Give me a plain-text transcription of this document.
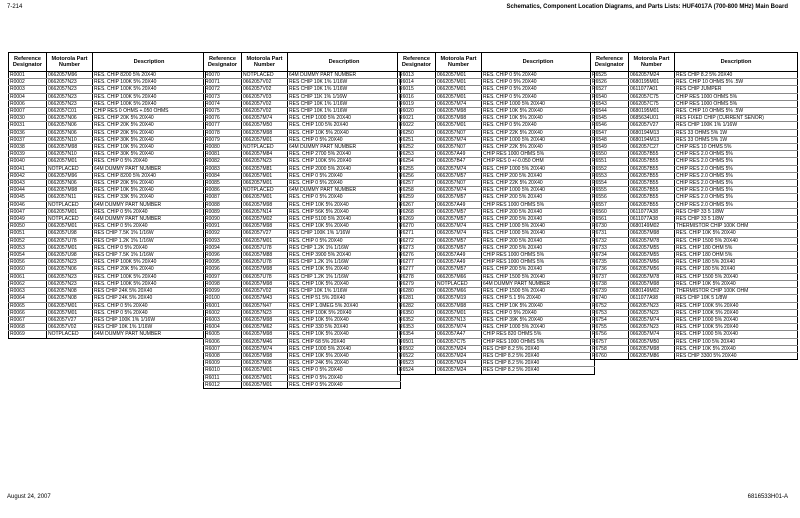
7-214	Schematics, Component Location Diagrams, and Parts Lists: HUF4017A (700-800 MHz) Main Board
Reference Designator	Motorola Part Number	Description
R0001	0662057M96	RES. CHIP 8200 5% 20X40
R0002	0662057N23	RES. CHIP 100K 5% 20X40
R0003	0662057N23	RES. CHIP 100K 5% 20X40
R0004	0662057N23	RES. CHIP 100K 5% 20X40
R0006	0662057N23	RES. CHIP 100K 5% 20X40
R0007	0662057C01	CHIP RES 0 OHMS +.050 OHMS
R0030	0662057N06	RES. CHIP 20K 5% 20X40
R0031	0662057N06	RES. CHIP 20K 5% 20X40
R0036	0662057N06	RES. CHIP 20K 5% 20X40
R0037	0662057N10	RES. CHIP 30K 5% 20X40
R0038	0662057M98	RES. CHIP 10K 5% 20X40
R0039	0662057N10	RES. CHIP 30K 5% 20X40
R0040	0662057M01	RES. CHIP 0 5% 20X40
R0041	NOTPLACED	64M DUMMY PART NUMBER
R0042	0662057M96	RES. CHIP 8200 5% 20X40
R0043	0662057N06	RES. CHIP 20K 5% 20X40
R0044	0662057M98	RES. CHIP 10K 5% 20X40
R0045	0662057N11	RES. CHIP 33K 5% 20X40
R0046	NOTPLACED	64M DUMMY PART NUMBER
R0047	0662057M01	RES. CHIP 0 5% 20X40
R0049	NOTPLACED	64M DUMMY PART NUMBER
R0050	0662057M01	RES. CHIP 0 5% 20X40
R0051	0662057U98	RES CHIP 7.5K 1% 1/16W
R0052	0662057U78	RES CHIP 1.2K 1% 1/16W
R0053	0662057M01	RES. CHIP 0 5% 20X40
R0054	0662057U98	RES CHIP 7.5K 1% 1/16W
R0056	0662057N23	RES. CHIP 100K 5% 20X40
R0060	0662057N06	RES. CHIP 20K 5% 20X40
R0061	0662057N23	RES. CHIP 100K 5% 20X40
R0062	0662057N23	RES. CHIP 100K 5% 20X40
R0063	0662057N08	RES CHIP 24K 5% 20X40
R0064	0662057N08	RES CHIP 24K 5% 20X40
R0065	0662057M01	RES. CHIP 0 5% 20X40
R0066	0662057M01	RES. CHIP 0 5% 20X40
R0067	0662057V27	RES CHIP 100K 1% 1/16W
R0068	0662057V02	RES CHIP 10K 1% 1/16W
R0069	NOTPLACED	64M DUMMY PART NUMBER
Reference Designator	Motorola Part Number	Description
R0070	NOTPLACED	64M DUMMY PART NUMBER
R0071	0662057V02	RES CHIP 10K 1% 1/16W
R0072	0662057V02	RES CHIP 10K 1% 1/16W
R0073	0662057V03	RES CHIP 11K 1% 1/16W
R0074	0662057V02	RES CHIP 10K 1% 1/16W
R0075	0662057V02	RES CHIP 10K 1% 1/16W
R0076	0662057M74	RES. CHIP 1000 5% 20X40
R0077	0662057M50	RES. CHIP 100 5% 20X40
R0078	0662057M98	RES. CHIP 10K 5% 20X40
R0079	0662057M01	RES. CHIP 0 5% 20X40
R0080	NOTPLACED	64M DUMMY PART NUMBER
R0081	0662057M84	RES. CHIP 2700 5% 20X40
R0082	0662057N23	RES. CHIP 100K 5% 20X40
R0083	0662057M81	RES. CHIP 2000 5% 20X40
R0084	0662057M01	RES. CHIP 0 5% 20X40
R0085	0662057M01	RES. CHIP 0 5% 20X40
R0086	NOTPLACED	64M DUMMY PART NUMBER
R0087	0662057M01	RES. CHIP 0 5% 20X40
R0088	0662057M98	RES. CHIP 10K 5% 20X40
R0089	0662057N14	RES. CHIP 56K 5% 20X40
R0090	0662057M02	RES. CHIP 5100 5% 20X40
R0091	0662057M98	RES. CHIP 10K 5% 20X40
R0092	0662057V27	RES CHIP 100K 1% 1/16W
R0093	0662057M01	RES. CHIP 0 5% 20X40
R0094	0662057U78	RES CHIP 1.2K 1% 1/16W
R0096	0662057M88	RES. CHIP 3900 5% 20X40
R0095	0662057U78	RES CHIP 1.2K 1% 1/16W
R0096	0662057M98	RES. CHIP 10K 5% 20X40
R0097	0662057U78	RES CHIP 1.2K 1% 1/16W
R0098	0662057M98	RES. CHIP 10K 5% 20X40
R0099	0662057V02	RES CHIP 10K 1% 1/16W
R0100	0662057M43	RES. CHIP 51 5% 20X40
R6001	0662057N47	RES. CHIP 1.0MEG 5% 20X40
R6002	0662057N23	RES. CHIP 100K 5% 20X40
R6003	0662057M98	RES. CHIP 10K 5% 20X40
R6004	0662057M62	RES. CHIP 330 5% 20X40
R6005	0662057M98	RES. CHIP 10K 5% 20X40
R6006	0662057M46	RES. CHIP 68 5% 20X40
R6007	0662057M74	RES. CHIP 1000 5% 20X40
R6008	0662057M98	RES. CHIP 10K 5% 20X40
R6009	0662057N08	RES. CHIP 24K 5% 20X40
R6010	0662057M01	RES. CHIP 0 5% 20X40
R6011	0662057M01	RES. CHIP 0 5% 20X40
R6012	0662057M01	RES. CHIP 0 5% 20X40
Reference Designator	Motorola Part Number	Description
R6013	0662057M01	RES. CHIP 0 5% 20X40
R6014	0662057M01	RES. CHIP 0 5% 20X40
R6015	0662057M01	RES. CHIP 0 5% 20X40
R6016	0662057M01	RES. CHIP 0 5% 20X40
R6019	0662057M74	RES. CHIP 1000 5% 20X40
R6020	0662057M98	RES. CHIP 10K 5% 20X40
R6021	0662057M98	RES. CHIP 10K 5% 20X40
R6022	0662057M01	RES. CHIP 0 5% 20X40
R6250	0662057N07	RES. CHIP 22K 5% 20X40
R6251	0662057M74	RES. CHIP 1000 5% 20X40
R6252	0662057N07	RES. CHIP 22K 5% 20X40
R6253	0662057A49	CHIP RES 1000 OHMS 5%
R6254	0662057B47	CHIP RES 0 +/-0.050 OHM
R6255	0662057M74	RES. CHIP 1000 5% 20X40
R6256	0662057M57	RES. CHIP 200 5% 20X40
R6257	0662057N07	RES. CHIP 22K 5% 20X40
R6258	0662057M74	RES. CHIP 1000 5% 20X40
R6259	0662057M57	RES. CHIP 200 5% 20X40
R6267	0662057A49	CHIP RES 1000 OHMS 5%
R6268	0662057M57	RES. CHIP 200 5% 20X40
R6269	0662057M57	RES. CHIP 200 5% 20X40
R6270	0662057M74	RES. CHIP 1000 5% 20X40
R6271	0662057M74	RES. CHIP 1000 5% 20X40
R6272	0662057M57	RES. CHIP 200 5% 20X40
R6273	0662057M57	RES. CHIP 200 5% 20X40
R6276	0662057A49	CHIP RES 1000 OHMS 5%
R6277	0662057A49	CHIP RES 1000 OHMS 5%
R6277	0662057M57	RES. CHIP 200 5% 20X40
R6278	0662057M66	RES. CHIP 1500 5% 20X40
R6279	NOTPLACED	64M DUMMY PART NUMBER
R6280	0662057M66	RES. CHIP 1500 5% 20X40
R6281	0662057M19	RES. CHIP 5.1 5% 20X40
R6282	0662057M98	RES. CHIP 10K 5% 20X40
R6350	0662057M01	RES. CHIP 0 5% 20X40
R6352	0662057N13	RES. CHIP 39K 5% 20X40
R6353	0662057M74	RES. CHIP 1000 5% 20X40
R6354	0662057A47	CHIP RES 820 OHMS 5%
R6501	0662057C75	CHIP RES 1000 OHMS 5%
R6502	0662057M24	RES CHIP 8.2 5% 20X40
R6522	0662057M24	RES CHIP 8.2 5% 20X40
R6523	0662057M24	RES CHIP 8.2 5% 20X40
R6524	0662057M24	RES CHIP 8.2 5% 20X40
Reference Designator	Motorola Part Number	Description
R6525	0662057M24	RES CHIP 8.2 5% 20X40
R6526	0680195M01	RES. CHIP 10 OHMS 5% .5W
R6527	0611077A01	RES CHIP JUMPER
R6540	0662057C75	CHIP RES 1000 OHMS 5%
R6543	0662057C75	CHIP RES 1000 OHMS 5%
R6544	0680195M01	RES. CHIP 10 OHMS 5% .5W
R6545	0685634U01	RES FIXED CHIP (CURRENT SENOR)
R6546	0662057V27	RES CHIP 100K 1% 1/16W
R6547	0680194M13	RES 33 OHMS 5% 1W
R6548	0680194M13	RES 33 OHMS 5% 1W
R6549	0662057C27	CHIP RES 10 OHMS 5%
R6550	0662057B55	CHIP RES 2.0 OHMS 5%
R6551	0662057B55	CHIP RES 2.0 OHMS 5%
R6552	0662057B55	CHIP RES 2.0 OHMS 5%
R6553	0662057B55	CHIP RES 2.0 OHMS 5%
R6554	0662057B55	CHIP RES 2.0 OHMS 5%
R6555	0662057B55	CHIP RES 2.0 OHMS 5%
R6556	0662057B55	CHIP RES 2.0 OHMS 5%
R6557	0662057B55	CHIP RES 2.0 OHMS 5%
R6560	0611077A38	RES CHIP 33 5 1/8W
R6561	0611077A38	RES CHIP 33 5 1/8W
R6730	0680149M02	THERMISTOR CHIP 100K OHM
R6731	0662057M98	RES. CHIP 10K 5% 20X40
R6732	0662057M78	RES. CHIP 1500 5% 20X40
R6733	0662057M55	RES. CHIP 180 OHM 5%
R6734	0662057M55	RES. CHIP 180 OHM 5%
R6735	0662057M56	RES. CHIP 180 5% 20X40
R6736	0662057M56	RES. CHIP 180 5% 20X40
R6737	0662057M78	RES. CHIP 1500 5% 20X40
R6738	0662057M98	RES. CHIP 10K 5% 20X40
R6739	0680149M02	THERMISTOR CHIP 100K OHM
R6740	0611077A98	RES CHIP 10K 5 1/8W
R6752	0662057N23	RES. CHIP 100K 5% 20X40
R6753	0662057N23	RES. CHIP 100K 5% 20X40
R6754	0662057M74	RES. CHIP 1000 5% 20X40
R6755	0662057N23	RES. CHIP 100K 5% 20X40
R6756	0662057M74	RES. CHIP 1000 5% 20X40
R6757	0662057M50	RES. CHIP 100 5% 20X40
R6758	0662057M98	RES. CHIP 10K 5% 20X40
R6760	0662057M86	RES CHIP 3300 5% 20X40
August 24, 2007	6816533H01-A
